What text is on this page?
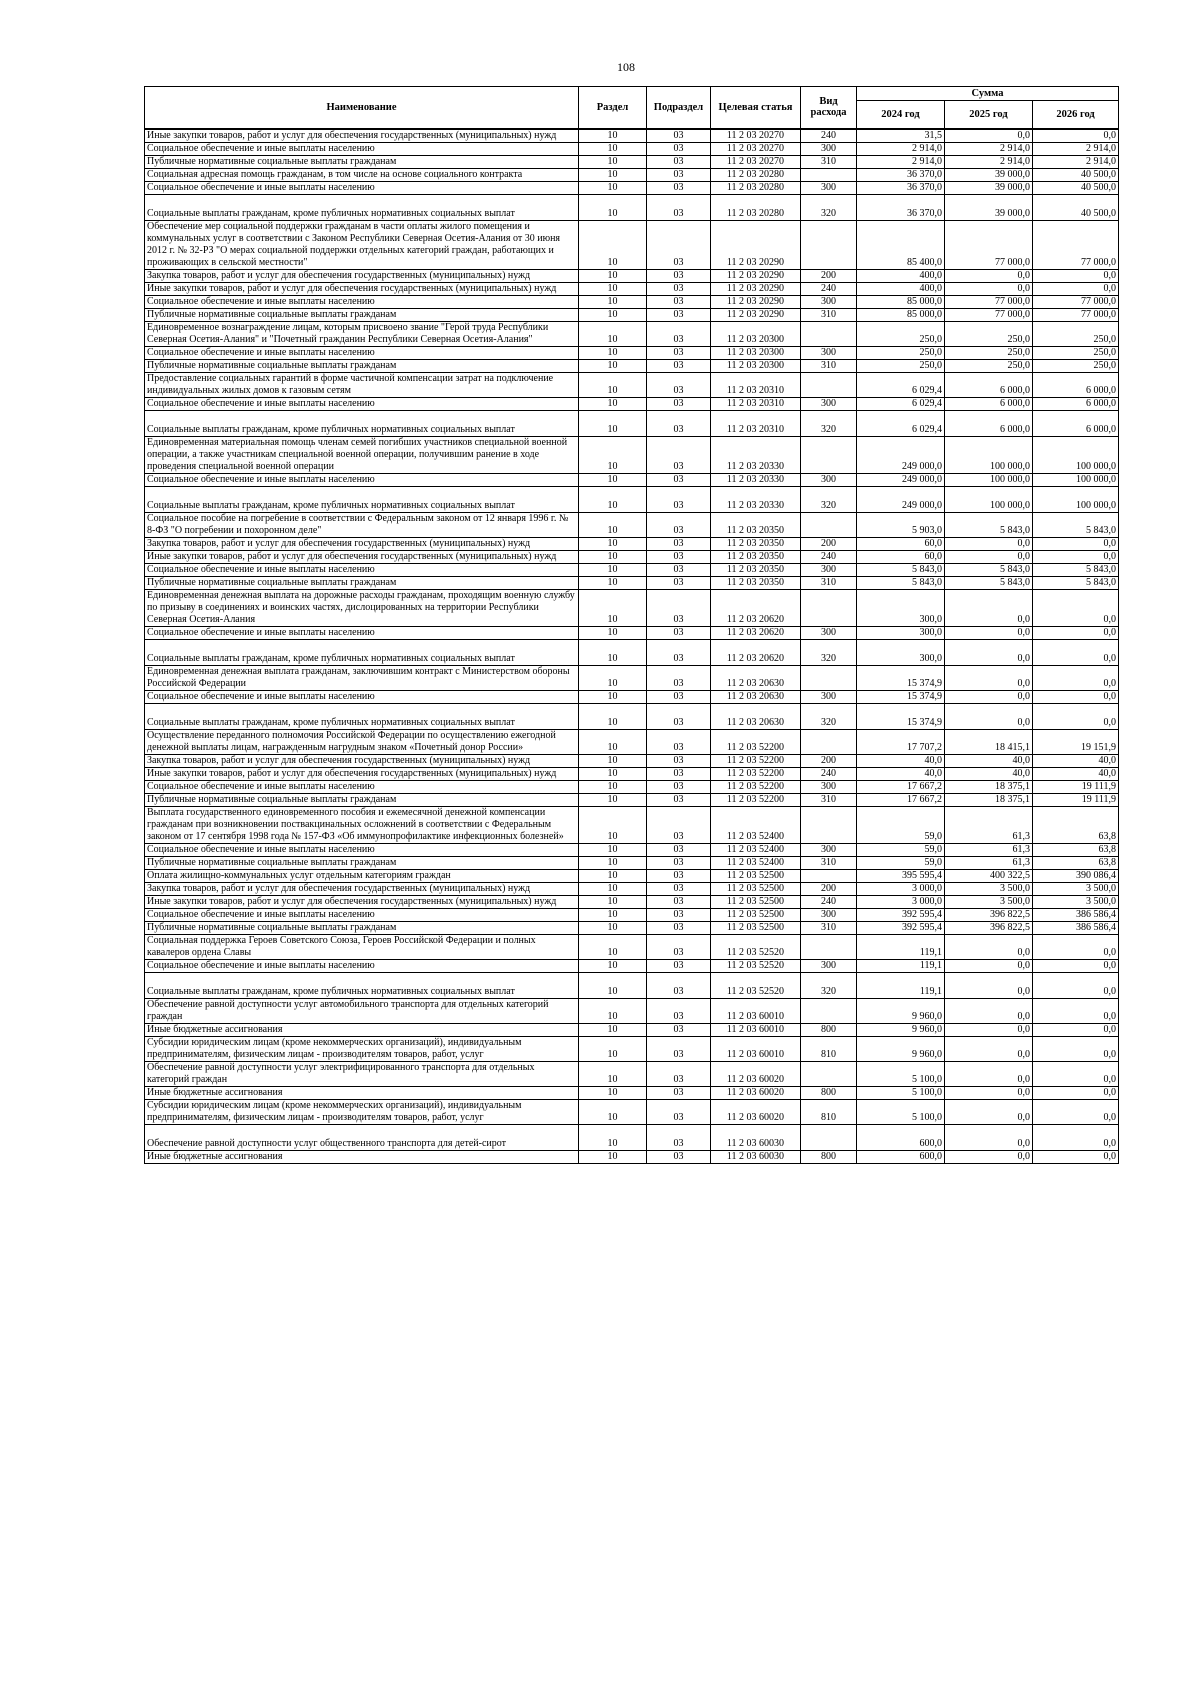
108
Наименование	Раздел	Подраздел	Целевая статья	Вид расхода	Сумма		
					2024 год	2025 год	2026 год
Иные закупки товаров, работ и услуг для обеспечения государственных (муниципальных) нужд	10	03	11 2 03 20270	240	31,5	0,0	0,0
Социальное обеспечение и иные выплаты населению	10	03	11 2 03 20270	300	2 914,0	2 914,0	2 914,0
Публичные нормативные социальные выплаты гражданам	10	03	11 2 03 20270	310	2 914,0	2 914,0	2 914,0
Социальная адресная помощь гражданам, в том числе на основе социального контракта	10	03	11 2 03 20280		36 370,0	39 000,0	40 500,0
Социальное обеспечение и иные выплаты населению	10	03	11 2 03 20280	300	36 370,0	39 000,0	40 500,0
Социальные выплаты гражданам, кроме публичных нормативных социальных выплат	10	03	11 2 03 20280	320	36 370,0	39 000,0	40 500,0
Обеспечение мер социальной поддержки гражданам в части оплаты жилого помещения и коммунальных услуг в соответствии с Законом Республики Северная Осетия-Алания от 30 июня 2012 г. № 32-РЗ "О мерах социальной поддержки отдельных категорий граждан, работающих и проживающих в сельской местности"	10	03	11 2 03 20290		85 400,0	77 000,0	77 000,0
Закупка товаров, работ и услуг для обеспечения государственных (муниципальных) нужд	10	03	11 2 03 20290	200	400,0	0,0	0,0
Иные закупки товаров, работ и услуг для обеспечения государственных (муниципальных) нужд	10	03	11 2 03 20290	240	400,0	0,0	0,0
Социальное обеспечение и иные выплаты населению	10	03	11 2 03 20290	300	85 000,0	77 000,0	77 000,0
Публичные нормативные социальные выплаты гражданам	10	03	11 2 03 20290	310	85 000,0	77 000,0	77 000,0
Единовременное вознаграждение лицам, которым присвоено звание "Герой труда Республики Северная Осетия-Алания" и "Почетный гражданин Республики Северная Осетия-Алания"	10	03	11 2 03 20300		250,0	250,0	250,0
Социальное обеспечение и иные выплаты населению	10	03	11 2 03 20300	300	250,0	250,0	250,0
Публичные нормативные социальные выплаты гражданам	10	03	11 2 03 20300	310	250,0	250,0	250,0
Предоставление социальных гарантий в форме частичной компенсации затрат на подключение индивидуальных жилых домов к газовым сетям	10	03	11 2 03 20310		6 029,4	6 000,0	6 000,0
Социальное обеспечение и иные выплаты населению	10	03	11 2 03 20310	300	6 029,4	6 000,0	6 000,0
Социальные выплаты гражданам, кроме публичных нормативных социальных выплат	10	03	11 2 03 20310	320	6 029,4	6 000,0	6 000,0
Единовременная материальная помощь членам семей погибших участников специальной военной операции, а также участникам специальной военной операции, получившим ранение в ходе проведения специальной военной операции	10	03	11 2 03 20330		249 000,0	100 000,0	100 000,0
Социальное обеспечение и иные выплаты населению	10	03	11 2 03 20330	300	249 000,0	100 000,0	100 000,0
Социальные выплаты гражданам, кроме публичных нормативных социальных выплат	10	03	11 2 03 20330	320	249 000,0	100 000,0	100 000,0
Социальное пособие на погребение в соответствии с Федеральным законом от 12 января 1996 г. № 8-ФЗ "О погребении и похоронном деле"	10	03	11 2 03 20350		5 903,0	5 843,0	5 843,0
Закупка товаров, работ и услуг для обеспечения государственных (муниципальных) нужд	10	03	11 2 03 20350	200	60,0	0,0	0,0
Иные закупки товаров, работ и услуг для обеспечения государственных (муниципальных) нужд	10	03	11 2 03 20350	240	60,0	0,0	0,0
Социальное обеспечение и иные выплаты населению	10	03	11 2 03 20350	300	5 843,0	5 843,0	5 843,0
Публичные нормативные социальные выплаты гражданам	10	03	11 2 03 20350	310	5 843,0	5 843,0	5 843,0
Единовременная денежная выплата на дорожные расходы гражданам, проходящим военную службу по призыву в соединениях и воинских частях, дислоцированных на территории Республики Северная Осетия-Алания	10	03	11 2 03 20620		300,0	0,0	0,0
Социальное обеспечение и иные выплаты населению	10	03	11 2 03 20620	300	300,0	0,0	0,0
Социальные выплаты гражданам, кроме публичных нормативных социальных выплат	10	03	11 2 03 20620	320	300,0	0,0	0,0
Единовременная денежная выплата гражданам, заключившим контракт с Министерством обороны Российской Федерации	10	03	11 2 03 20630		15 374,9	0,0	0,0
Социальное обеспечение и иные выплаты населению	10	03	11 2 03 20630	300	15 374,9	0,0	0,0
Социальные выплаты гражданам, кроме публичных нормативных социальных выплат	10	03	11 2 03 20630	320	15 374,9	0,0	0,0
Осуществление переданного полномочия Российской Федерации по осуществлению ежегодной денежной выплаты лицам, награжденным нагрудным знаком «Почетный донор России»	10	03	11 2 03 52200		17 707,2	18 415,1	19 151,9
Закупка товаров, работ и услуг для обеспечения государственных (муниципальных) нужд	10	03	11 2 03 52200	200	40,0	40,0	40,0
Иные закупки товаров, работ и услуг для обеспечения государственных (муниципальных) нужд	10	03	11 2 03 52200	240	40,0	40,0	40,0
Социальное обеспечение и иные выплаты населению	10	03	11 2 03 52200	300	17 667,2	18 375,1	19 111,9
Публичные нормативные социальные выплаты гражданам	10	03	11 2 03 52200	310	17 667,2	18 375,1	19 111,9
Выплата государственного единовременного пособия и ежемесячной денежной компенсации гражданам при возникновении поствакцинальных осложнений в соответствии с Федеральным законом от 17 сентября 1998 года № 157-ФЗ «Об иммунопрофилактике инфекционных болезней»	10	03	11 2 03 52400		59,0	61,3	63,8
Социальное обеспечение и иные выплаты населению	10	03	11 2 03 52400	300	59,0	61,3	63,8
Публичные нормативные социальные выплаты гражданам	10	03	11 2 03 52400	310	59,0	61,3	63,8
Оплата жилищно-коммунальных услуг отдельным категориям граждан	10	03	11 2 03 52500		395 595,4	400 322,5	390 086,4
Закупка товаров, работ и услуг для обеспечения государственных (муниципальных) нужд	10	03	11 2 03 52500	200	3 000,0	3 500,0	3 500,0
Иные закупки товаров, работ и услуг для обеспечения государственных (муниципальных) нужд	10	03	11 2 03 52500	240	3 000,0	3 500,0	3 500,0
Социальное обеспечение и иные выплаты населению	10	03	11 2 03 52500	300	392 595,4	396 822,5	386 586,4
Публичные нормативные социальные выплаты гражданам	10	03	11 2 03 52500	310	392 595,4	396 822,5	386 586,4
Социальная поддержка Героев Советского Союза, Героев Российской Федерации и полных кавалеров ордена Славы	10	03	11 2 03 52520		119,1	0,0	0,0
Социальное обеспечение и иные выплаты населению	10	03	11 2 03 52520	300	119,1	0,0	0,0
Социальные выплаты гражданам, кроме публичных нормативных социальных выплат	10	03	11 2 03 52520	320	119,1	0,0	0,0
Обеспечение равной доступности услуг автомобильного транспорта для отдельных категорий граждан	10	03	11 2 03 60010		9 960,0	0,0	0,0
Иные бюджетные ассигнования	10	03	11 2 03 60010	800	9 960,0	0,0	0,0
Субсидии юридическим лицам (кроме некоммерческих организаций), индивидуальным предпринимателям, физическим лицам - производителям товаров, работ, услуг	10	03	11 2 03 60010	810	9 960,0	0,0	0,0
Обеспечение равной доступности услуг электрифицированного транспорта для отдельных категорий граждан	10	03	11 2 03 60020		5 100,0	0,0	0,0
Иные бюджетные ассигнования	10	03	11 2 03 60020	800	5 100,0	0,0	0,0
Субсидии юридическим лицам (кроме некоммерческих организаций), индивидуальным предпринимателям, физическим лицам - производителям товаров, работ, услуг	10	03	11 2 03 60020	810	5 100,0	0,0	0,0
Обеспечение равной доступности услуг общественного транспорта для детей-сирот	10	03	11 2 03 60030		600,0	0,0	0,0
Иные бюджетные ассигнования	10	03	11 2 03 60030	800	600,0	0,0	0,0
